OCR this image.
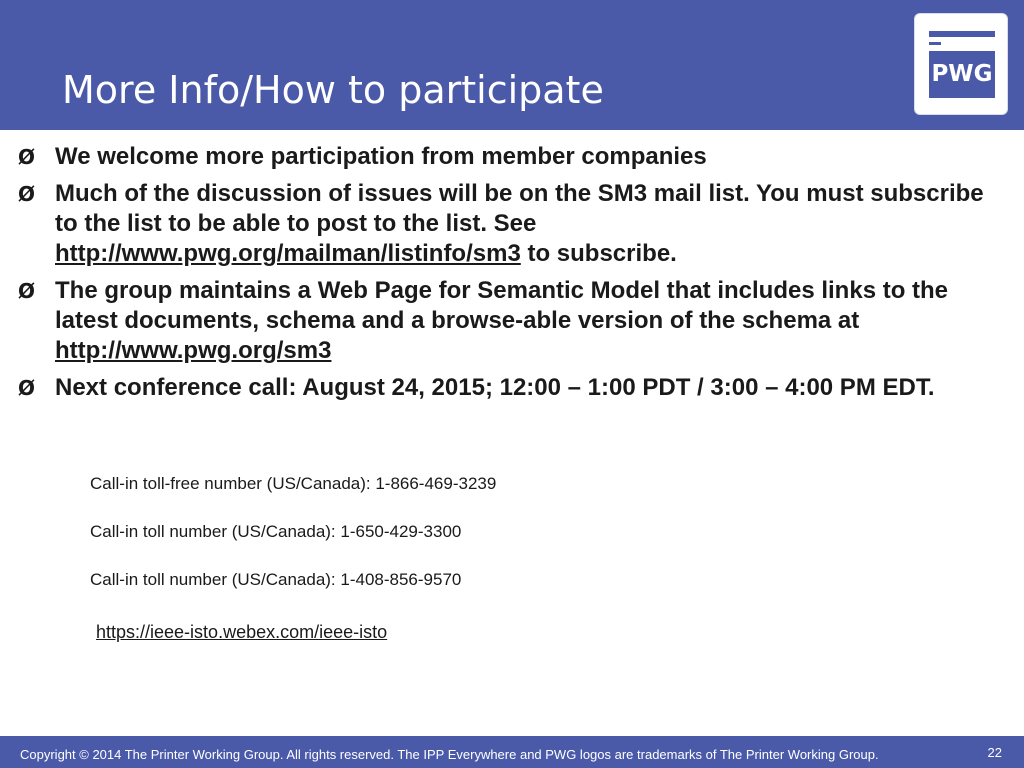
More Info/How to participate	PWG
Ø We welcome more participation from member companies
Ø Much of the discussion of issues will be on the SM3 mail list. You must subscribe to the list to be able to post to the list. See http://www.pwg.org/mailman/listinfo/sm3 to subscribe.
Ø The group maintains a Web Page for Semantic Model that includes links to the latest documents, schema and a browse-able version of the schema at http://www.pwg.org/sm3
Ø Next conference call: August 24, 2015; 12:00 – 1:00 PDT / 3:00 – 4:00 PM EDT.
Call-in toll-free number (US/Canada): 1-866-469-3239
Call-in toll number (US/Canada): 1-650-429-3300
Call-in toll number (US/Canada): 1-408-856-9570
https://ieee-isto.webex.com/ieee-isto
Copyright © 2014 The Printer Working Group. All rights reserved. The IPP Everywhere and PWG logos are trademarks of The Printer Working Group.	22
